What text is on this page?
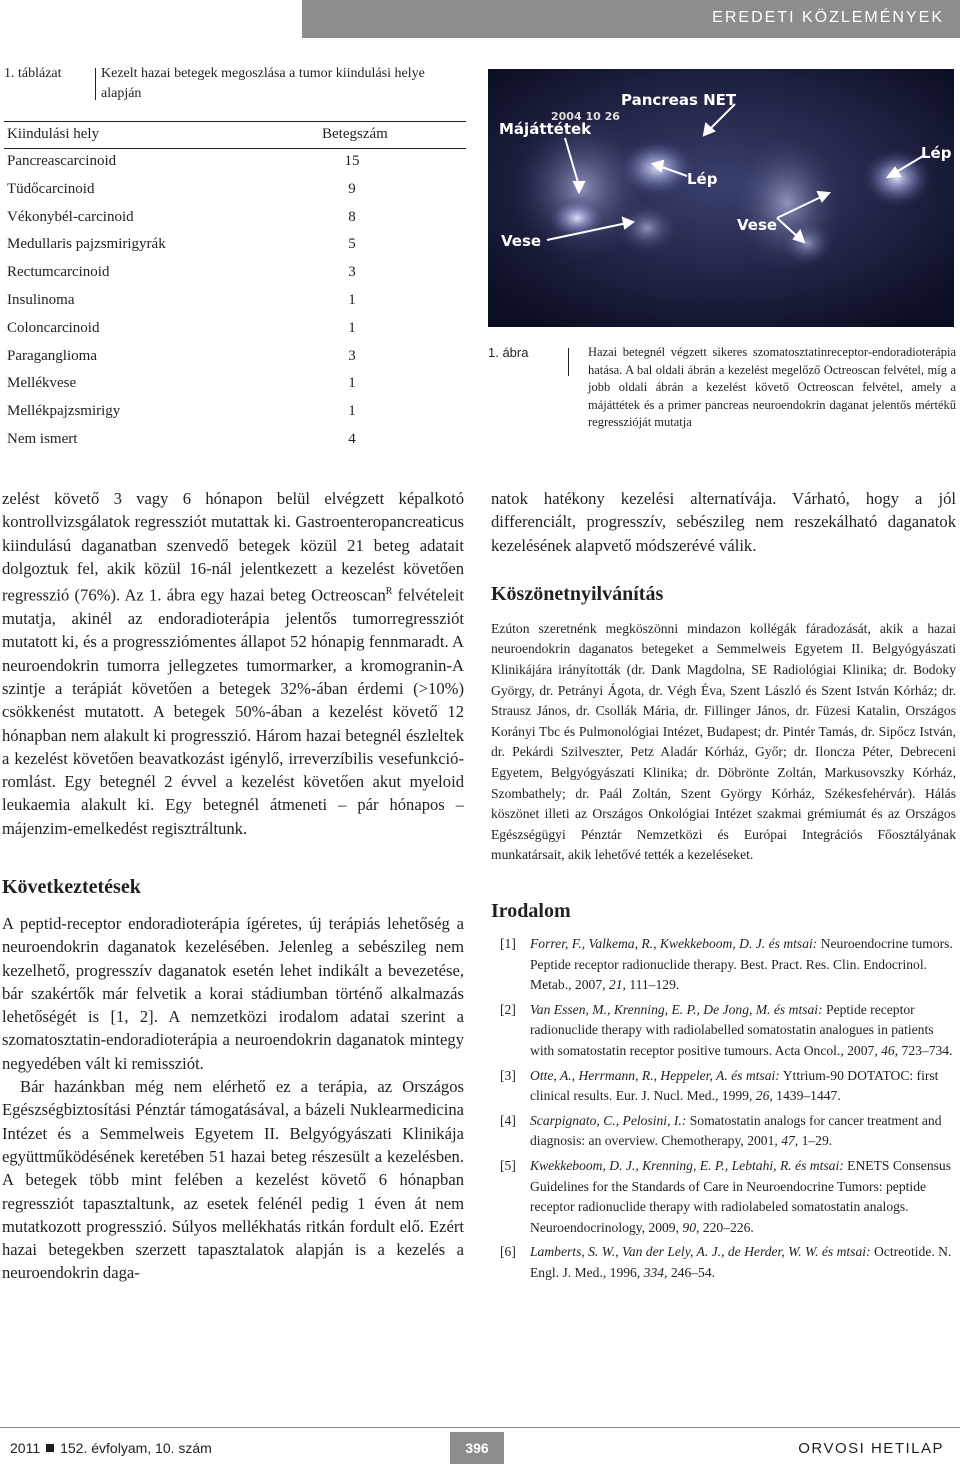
EREDETI KÖZLEMÉNYEK
1. táblázat	Kezelt hazai betegek megoszlása a tumor kiindulási helye alapján
Kiindulási hely	Betegszám
Pancreascarcinoid	15
Tüdőcarcinoid	9
Vékonybél-carcinoid	8
Medullaris pajzsmirigyrák	5
Rectumcarcinoid	3
Insulinoma	1
Coloncarcinoid	1
Paraganglioma	3
Mellékvese	1
Mellékpajzsmirigy	1
Nem ismert	4
Pancreas NET
2004 10 26
Májáttétek
Lép
Lép
Vese
Vese
1. ábra	Hazai betegnél végzett sikeres szomatosztatinreceptor-endoradioterápia hatása. A bal oldali ábrán a kezelést megelőző Octreoscan felvétel, míg a jobb oldali ábrán a kezelést követő Octreoscan felvétel, amely a májáttétek és a primer pancreas neuroendokrin daganat jelentős mértékű regresszióját mutatja

zelést követő 3 vagy 6 hónapon belül elvégzett képalkotó kontrollvizsgálatok regressziót mutattak ki. Gastroenteropancreaticus kiindulású daganatban szenvedő betegek közül 21 beteg adatait dolgoztuk fel, akik közül 16-nál jelentkezett a kezelést követően regresszió (76%). Az 1. ábra egy hazai beteg Octreoscan$^R$ felvételeit mutatja, akinél az endoradioterápia jelentős tumorregressziót mutatott ki, és a progressziómentes állapot 52 hónapig fennmaradt. A neuroendokrin tumorra jellegzetes tumormarker, a kromogranin-A szintje a terápiát követően a betegek 32%-ában érdemi (>10%) csökkenést mutatott. A betegek 50%-ában a kezelést követő 12 hónapban nem alakult ki progresszió. Három hazai betegnél észleltek a kezelést követően beavatkozást igénylő, irreverzíbilis vesefunkció-romlást. Egy betegnél 2 évvel a kezelést követően akut myeloid leukaemia alakult ki. Egy betegnél átmeneti – pár hónapos – májenzim-emelkedést regisztráltunk.

Következtetések

A peptid-receptor endoradioterápia ígéretes, új terápiás lehetőség a neuroendokrin daganatok kezelésében. Jelenleg a sebészileg nem kezelhető, progresszív daganatok esetén lehet indikált a bevezetése, bár szakértők már felvetik a korai stádiumban történő alkalmazás lehetőségét is [1, 2]. A nemzetközi irodalom adatai szerint a szomatosztatin-endoradioterápia a neuroendokrin daganatok mintegy negyedében vált ki remissziót.

Bár hazánkban még nem elérhető ez a terápia, az Országos Egészségbiztosítási Pénztár támogatásával, a bázeli Nuklearmedicina Intézet és a Semmelweis Egyetem II. Belgyógyászati Klinikája együttműködésének keretében 51 hazai beteg részesült a kezelésben. A betegek több mint felében a kezelést követő 6 hónapban regressziót tapasztaltunk, az esetek felénél pedig 1 éven át nem mutatkozott progresszió. Súlyos mellékhatás ritkán fordult elő. Ezért hazai betegekben szerzett tapasztalatok alapján is a kezelés a neuroendokrin daga-

natok hatékony kezelési alternatívája. Várható, hogy a jól differenciált, progresszív, sebészileg nem reszekálható daganatok kezelésének alapvető módszerévé válik.

Köszönetnyilvánítás

Ezúton szeretnénk megköszönni mindazon kollégák fáradozását, akik a hazai neuroendokrin daganatos betegeket a Semmelweis Egyetem II. Belgyógyászati Klinikájára irányították (dr. Dank Magdolna, SE Radiológiai Klinika; dr. Bodoky György, dr. Petrányi Ágota, dr. Végh Éva, Szent László és Szent István Kórház; dr. Strausz János, dr. Csollák Mária, dr. Fillinger János, dr. Füzesi Katalin, Országos Korányi Tbc és Pulmonológiai Intézet, Budapest; dr. Pintér Tamás, dr. Sipőcz István, dr. Pekárdi Szilveszter, Petz Aladár Kórház, Győr; dr. Iloncza Péter, Debreceni Egyetem, Belgyógyászati Klinika; dr. Döbrönte Zoltán, Markusovszky Kórház, Szombathely; dr. Paál Zoltán, Szent György Kórház, Székesfehérvár). Hálás köszönet illeti az Országos Onkológiai Intézet szakmai grémiumát és az Országos Egészségügyi Pénztár Nemzetközi és Európai Integrációs Főosztályának munkatársait, akik lehetővé tették a kezeléseket.

Irodalom
[1] Forrer, F., Valkema, R., Kwekkeboom, D. J. és mtsai: Neuroendocrine tumors. Peptide receptor radionuclide therapy. Best. Pract. Res. Clin. Endocrinol. Metab., 2007, 21, 111–129.
[2] Van Essen, M., Krenning, E. P., De Jong, M. és mtsai: Peptide receptor radionuclide therapy with radiolabelled somatostatin analogues in patients with somatostatin receptor positive tumours. Acta Oncol., 2007, 46, 723–734.
[3] Otte, A., Herrmann, R., Heppeler, A. és mtsai: Yttrium-90 DOTATOC: first clinical results. Eur. J. Nucl. Med., 1999, 26, 1439–1447.
[4] Scarpignato, C., Pelosini, I.: Somatostatin analogs for cancer treatment and diagnosis: an overview. Chemotherapy, 2001, 47, 1–29.
[5] Kwekkeboom, D. J., Krenning, E. P., Lebtahi, R. és mtsai: ENETS Consensus Guidelines for the Standards of Care in Neuroendocrine Tumors: peptide receptor radionuclide therapy with radiolabeled somatostatin analogs. Neuroendocrinology, 2009, 90, 220–226.
[6] Lamberts, S. W., Van der Lely, A. J., de Herder, W. W. és mtsai: Octreotide. N. Engl. J. Med., 1996, 334, 246–54.
2011 152. évfolyam, 10. szám	396	ORVOSI HETILAP
